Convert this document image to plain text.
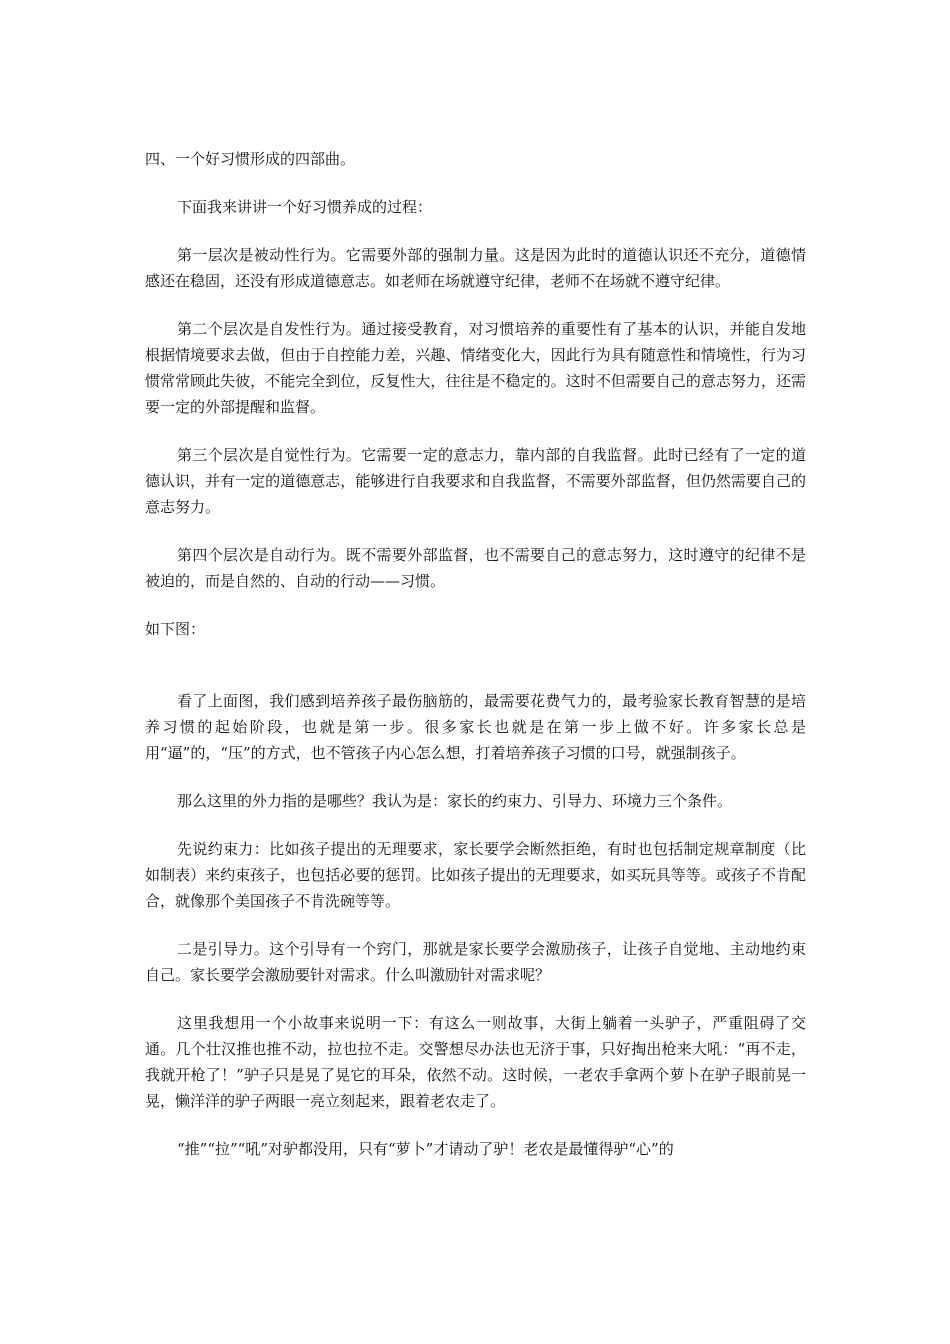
四、一个好习惯形成的四部曲。

下面我来讲讲一个好习惯养成的过程：

第一层次是被动性行为。它需要外部的强制力量。这是因为此时的道德认识还不充分，道德情感还在稳固，还没有形成道德意志。如老师在场就遵守纪律，老师不在场就不遵守纪律。

第二个层次是自发性行为。通过接受教育，对习惯培养的重要性有了基本的认识，并能自发地根据情境要求去做，但由于自控能力差，兴趣、情绪变化大，因此行为具有随意性和情境性，行为习惯常常顾此失彼，不能完全到位，反复性大，往往是不稳定的。这时不但需要自己的意志努力，还需要一定的外部提醒和监督。

第三个层次是自觉性行为。它需要一定的意志力，靠内部的自我监督。此时已经有了一定的道德认识，并有一定的道德意志，能够进行自我要求和自我监督，不需要外部监督，但仍然需要自己的意志努力。

第四个层次是自动行为。既不需要外部监督，也不需要自己的意志努力，这时遵守的纪律不是被迫的，而是自然的、自动的行动——习惯。

如下图：

看了上面图，我们感到培养孩子最伤脑筋的，最需要花费气力的，最考验家长教育智慧的是培养习惯的起始阶段，也就是第一步。很多家长也就是在第一步上做不好。许多家长总是用“逼”的，“压”的方式，也不管孩子内心怎么想，打着培养孩子习惯的口号，就强制孩子。

那么这里的外力指的是哪些？我认为是：家长的约束力、引导力、环境力三个条件。

先说约束力：比如孩子提出的无理要求，家长要学会断然拒绝，有时也包括制定规章制度（比如制表）来约束孩子，也包括必要的惩罚。比如孩子提出的无理要求，如买玩具等等。或孩子不肯配合，就像那个美国孩子不肯洗碗等等。

二是引导力。这个引导有一个窍门，那就是家长要学会激励孩子，让孩子自觉地、主动地约束自己。家长要学会激励要针对需求。什么叫激励针对需求呢？

这里我想用一个小故事来说明一下：有这么一则故事，大街上躺着一头驴子，严重阻碍了交通。几个壮汉推也推不动，拉也拉不走。交警想尽办法也无济于事，只好掏出枪来大吼：“再不走，我就开枪了！”驴子只是晃了晃它的耳朵，依然不动。这时候，一老农手拿两个萝卜在驴子眼前晃一晃，懒洋洋的驴子两眼一亮立刻起来，跟着老农走了。

“推”“拉”“吼”对驴都没用，只有“萝卜”才请动了驴！老农是最懂得驴“心”的
